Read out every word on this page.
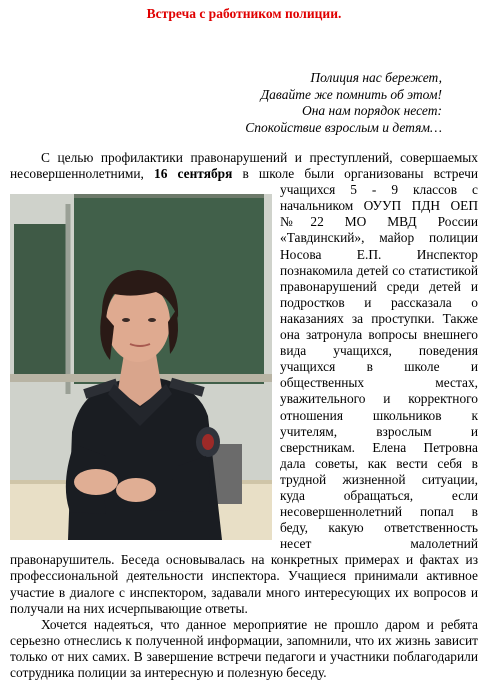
Встреча с работником полиции.
Полиция нас бережет,
Давайте же помнить об этом!
Она нам порядок несет:
Спокойствие взрослым и детям…

С целью профилактики правонарушений и преступлений, совершаемых несовершеннолетними, 16 сентября
в школе были организованы встречи учащихся 5 - 9 классов с начальником ОУУП ПДН ОЕП №22 МО МВД России «Тавдинский», майор полиции Носова Е.П. Инспектор познакомила детей со статистикой правонарушений среди детей и подростков и рассказала о наказаниях за проступки. Также она затронула вопросы внешнего вида учащихся, поведения учащихся в школе и общественных местах, уважительного и корректного отношения школьников к учителям, взрослым и сверстникам. Елена Петровна дала советы, как вести себя в трудной жизненной ситуации, куда обращаться, если несовершеннолетний попал в беду, какую ответственность несет малолетний правонарушитель. Беседа основывалась на конкретных примерах и фактах из профессиональной деятельности инспектора. Учащиеся принимали активное участие в диалоге с инспектором, задавали много интересующих их вопросов и получали на них исчерпывающие ответы.

Хочется надеяться, что данное мероприятие не прошло даром и ребята серьезно отнеслись к полученной информации, запомнили, что их жизнь зависит только от них самих. В завершение встречи педагоги и участники поблагодарили сотрудника полиции за интересную и полезную беседу.
